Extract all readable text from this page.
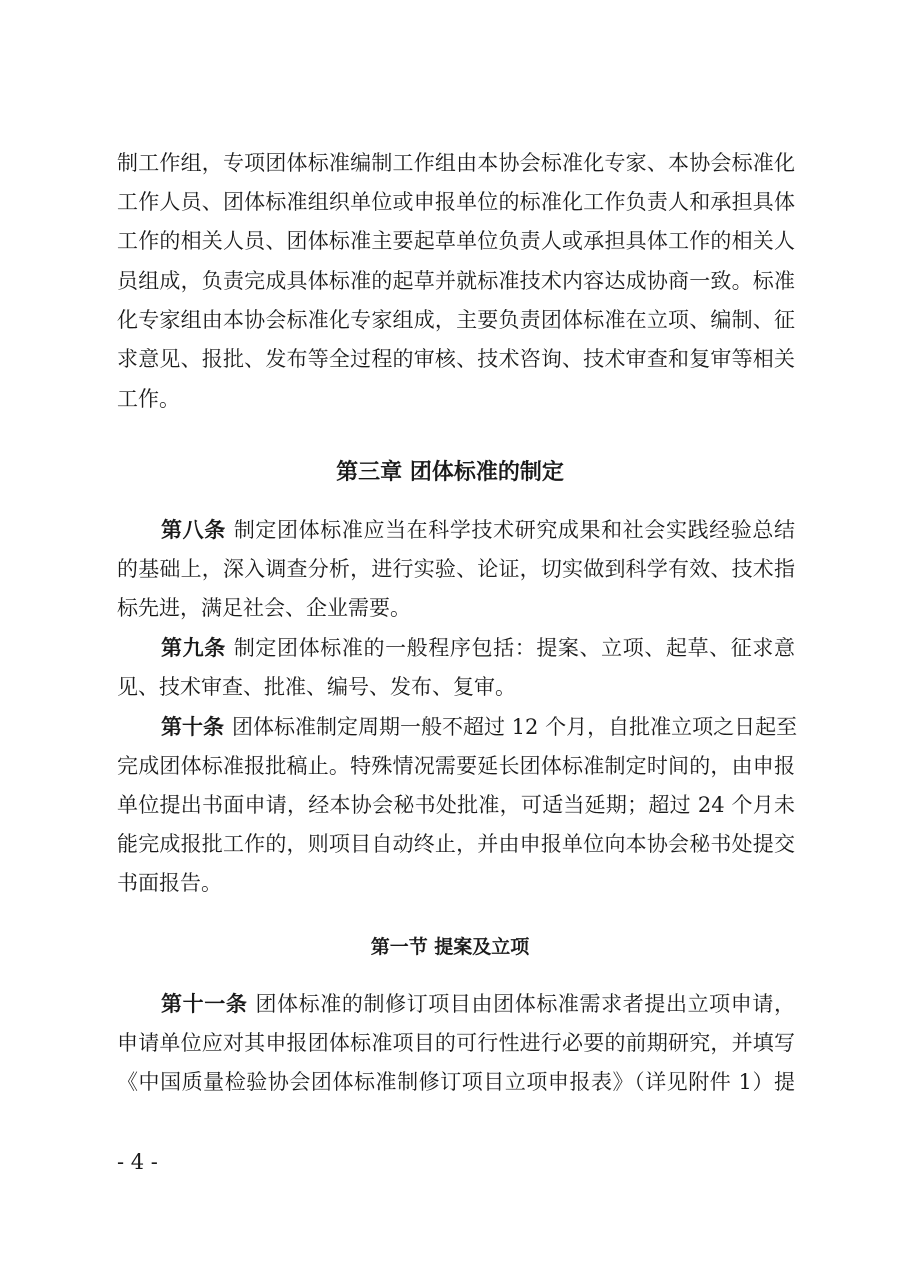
制工作组，专项团体标准编制工作组由本协会标准化专家、本协会标准化
工作人员、团体标准组织单位或申报单位的标准化工作负责人和承担具体
工作的相关人员、团体标准主要起草单位负责人或承担具体工作的相关人
员组成，负责完成具体标准的起草并就标准技术内容达成协商一致。标准
化专家组由本协会标准化专家组成，主要负责团体标准在立项、编制、征
求意见、报批、发布等全过程的审核、技术咨询、技术审查和复审等相关
工作。
第三章 团体标准的制定
第八条 制定团体标准应当在科学技术研究成果和社会实践经验总结
的基础上，深入调查分析，进行实验、论证，切实做到科学有效、技术指
标先进，满足社会、企业需要。
第九条 制定团体标准的一般程序包括：提案、立项、起草、征求意
见、技术审查、批准、编号、发布、复审。
第十条 团体标准制定周期一般不超过 12 个月，自批准立项之日起至
完成团体标准报批稿止。特殊情况需要延长团体标准制定时间的，由申报
单位提出书面申请，经本协会秘书处批准，可适当延期；超过 24 个月未
能完成报批工作的，则项目自动终止，并由申报单位向本协会秘书处提交
书面报告。
第一节 提案及立项
第十一条 团体标准的制修订项目由团体标准需求者提出立项申请，
申请单位应对其申报团体标准项目的可行性进行必要的前期研究，并填写
《中国质量检验协会团体标准制修订项目立项申报表》（详见附件 1）提
- 4 -
